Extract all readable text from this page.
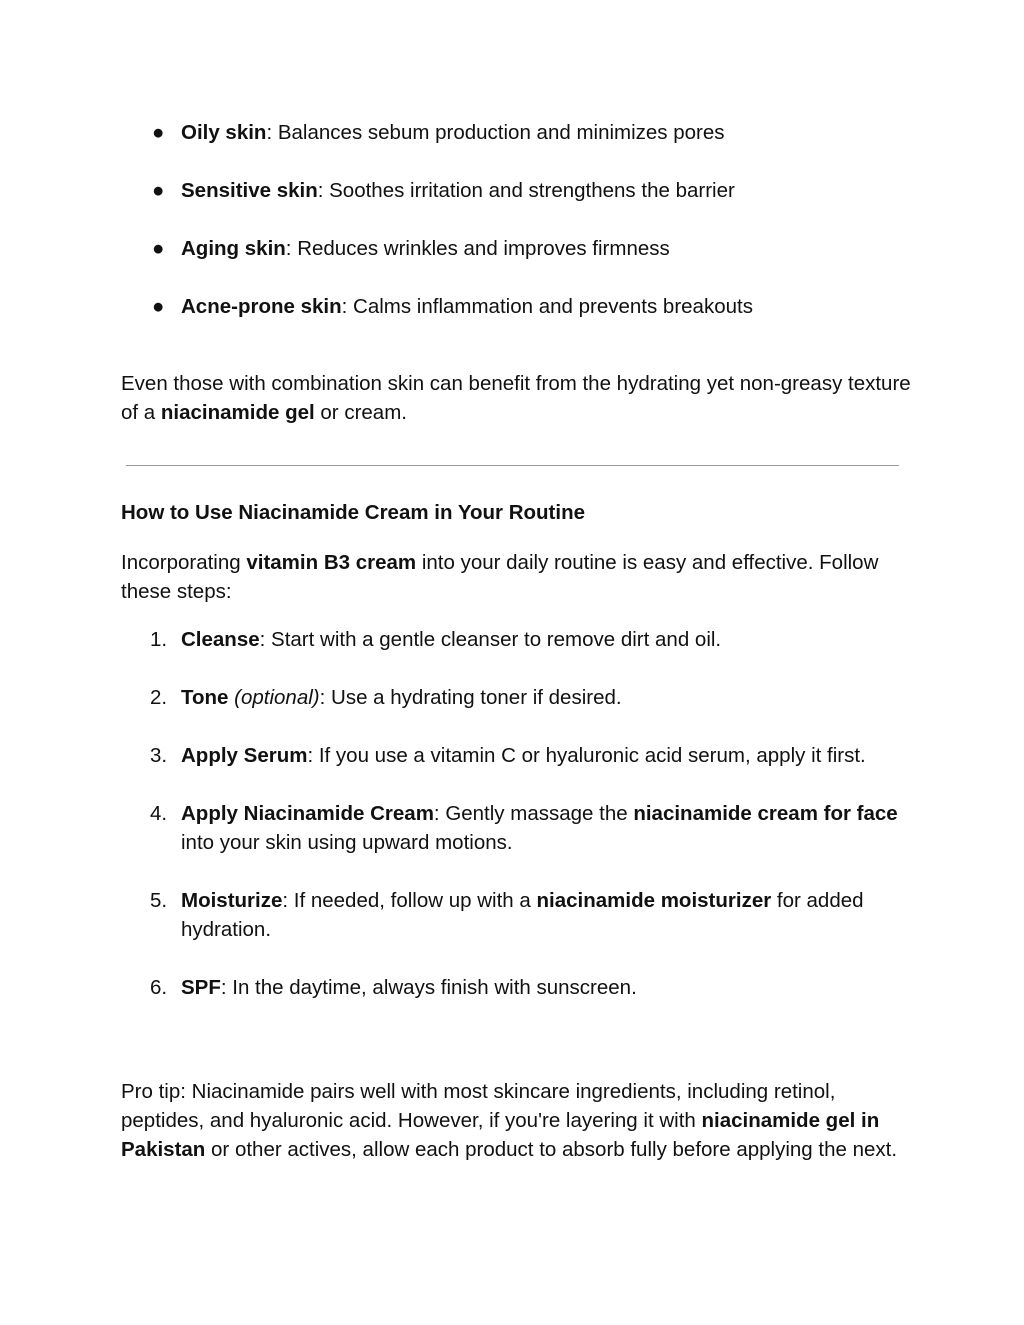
● Oily skin: Balances sebum production and minimizes pores
● Sensitive skin: Soothes irritation and strengthens the barrier
● Aging skin: Reduces wrinkles and improves firmness
● Acne-prone skin: Calms inflammation and prevents breakouts

Even those with combination skin can benefit from the hydrating yet non-greasy texture of a niacinamide gel or cream.

How to Use Niacinamide Cream in Your Routine

Incorporating vitamin B3 cream into your daily routine is easy and effective. Follow these steps:

1. Cleanse: Start with a gentle cleanser to remove dirt and oil.
2. Tone (optional): Use a hydrating toner if desired.
3. Apply Serum: If you use a vitamin C or hyaluronic acid serum, apply it first.
4. Apply Niacinamide Cream: Gently massage the niacinamide cream for face into your skin using upward motions.
5. Moisturize: If needed, follow up with a niacinamide moisturizer for added hydration.
6. SPF: In the daytime, always finish with sunscreen.

Pro tip: Niacinamide pairs well with most skincare ingredients, including retinol, peptides, and hyaluronic acid. However, if you're layering it with niacinamide gel in Pakistan or other actives, allow each product to absorb fully before applying the next.
